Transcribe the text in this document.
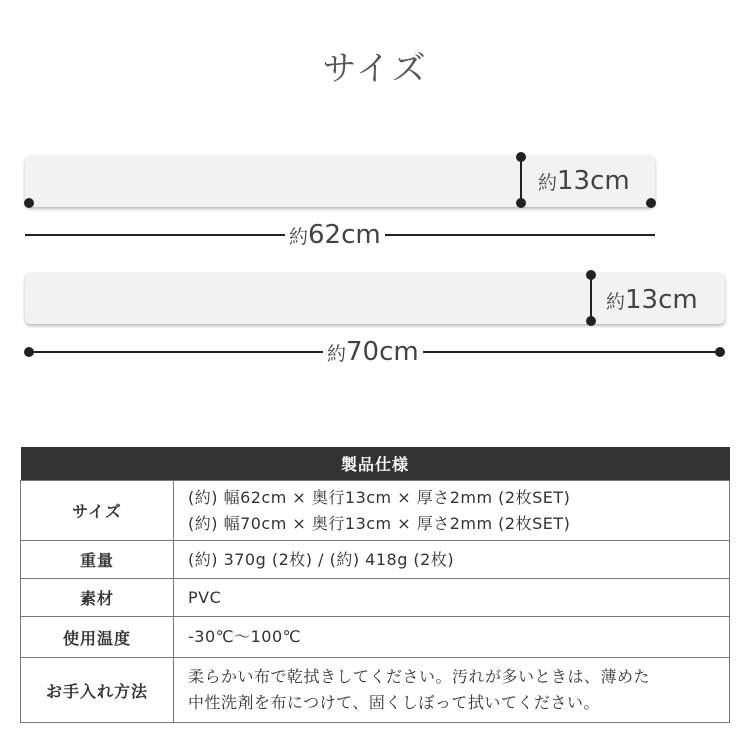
サイズ
約13cm
約62cm
約13cm
約70cm
製品仕様	
サイズ	(約) 幅62cm × 奥行13cm × 厚さ2mm (2枚SET)
(約) 幅70cm × 奥行13cm × 厚さ2mm (2枚SET)

重量	(約) 370g (2枚) / (約) 418g (2枚)

素材	PVC

使用温度	-30℃〜100℃

お手入れ方法	柔らかい布で乾拭きしてください。汚れが多いときは、薄めた
中性洗剤を布につけて、固くしぼって拭いてください。
